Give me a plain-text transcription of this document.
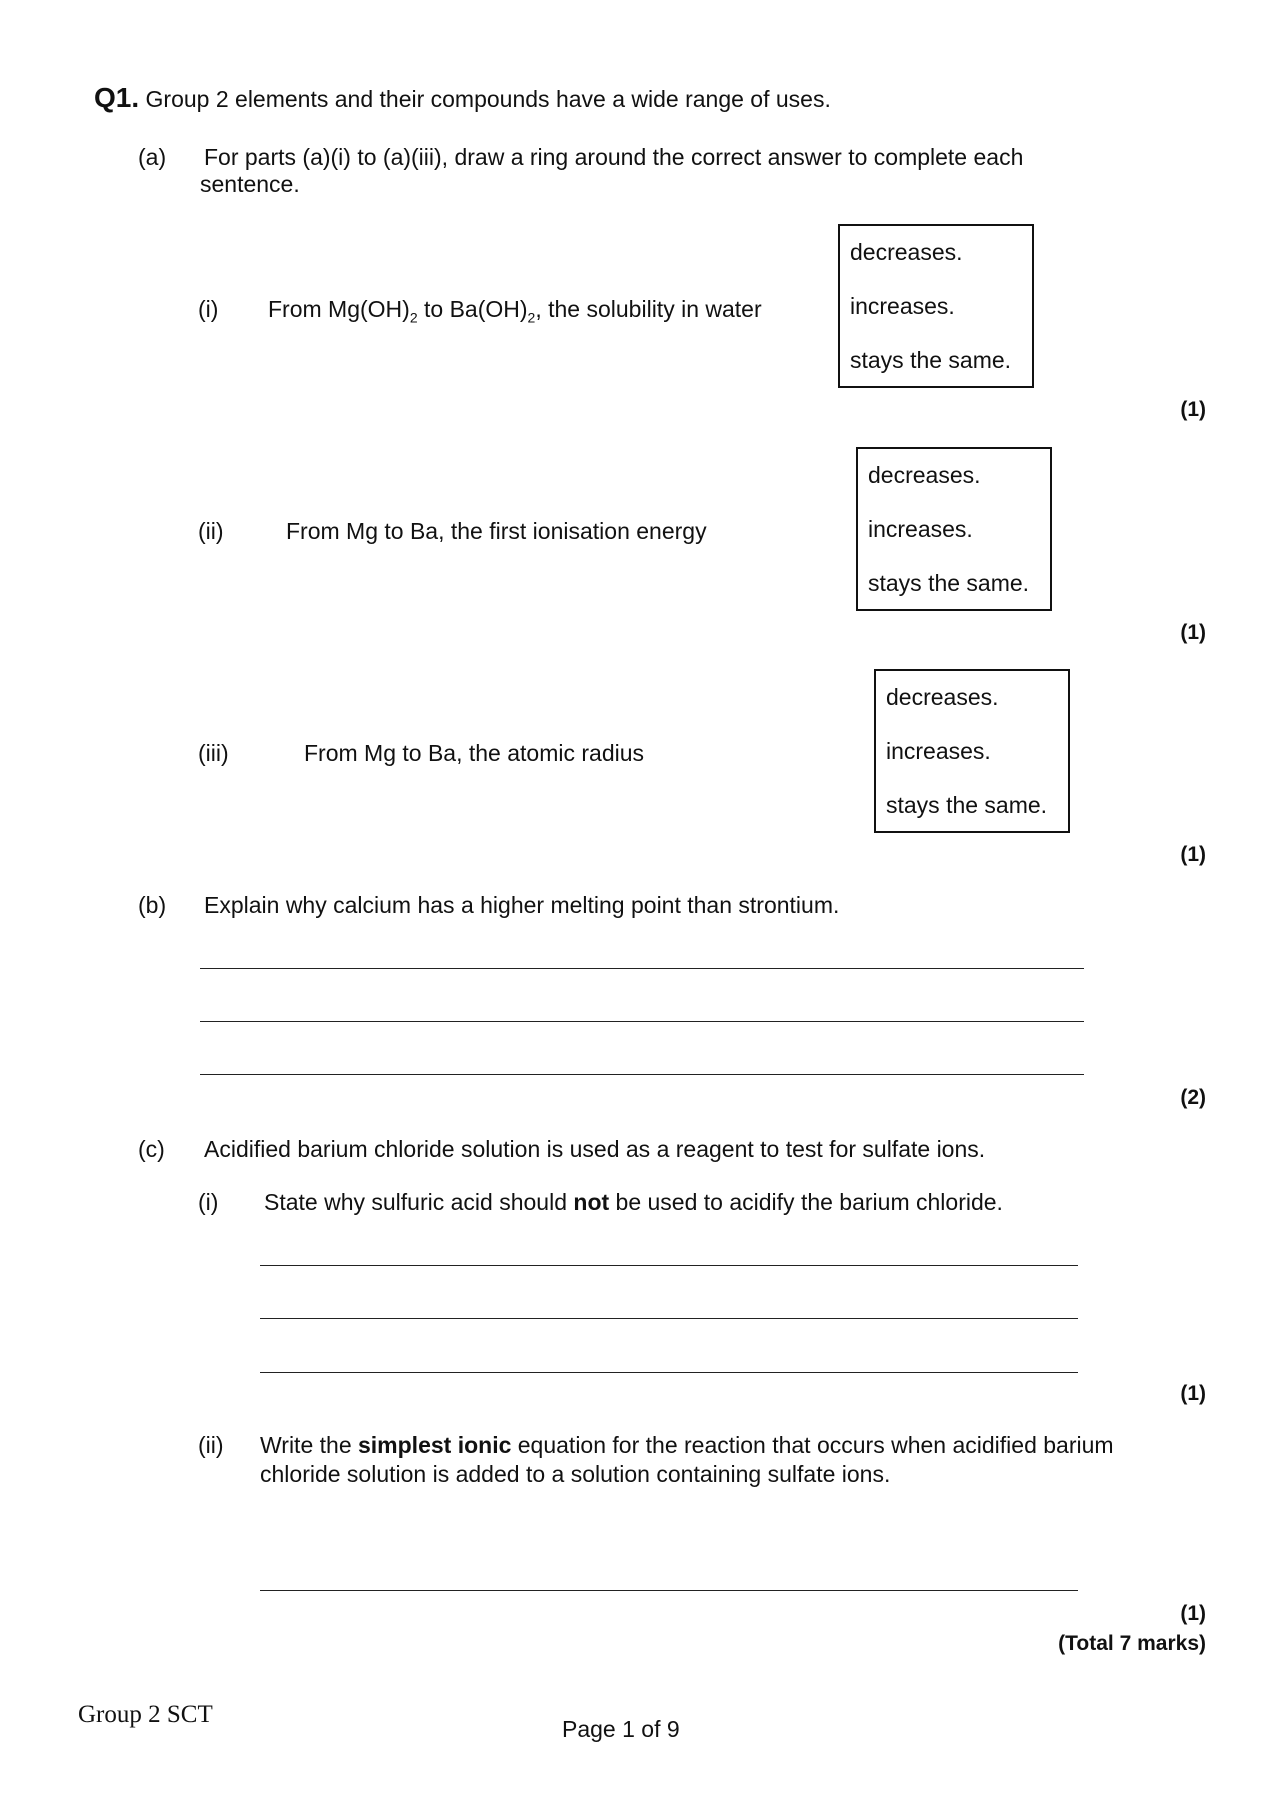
Q1. Group 2 elements and their compounds have a wide range of uses.
(a) For parts (a)(i) to (a)(iii), draw a ring around the correct answer to complete each
sentence.
(i) From $Mg(OH)_2$ to $Ba(OH)_2$, the solubility in water
decreases.
increases.
stays the same.
(1)
(ii)	From Mg to Ba, the first ionisation energy
decreases.
increases.
stays the same.
(1)
(iii)	From Mg to Ba, the atomic radius
decreases.
increases.
stays the same.
(1)
(b) Explain why calcium has a higher melting point than strontium.
(2)
(c) Acidified barium chloride solution is used as a reagent to test for sulfate ions.
(i) State why sulfuric acid should not be used to acidify the barium chloride.
(1)
(ii) Write the simplest ionic equation for the reaction that occurs when acidified barium
chloride solution is added to a solution containing sulfate ions.
(1)
(Total 7 marks)
Group 2 SCT
Page 1 of 9
